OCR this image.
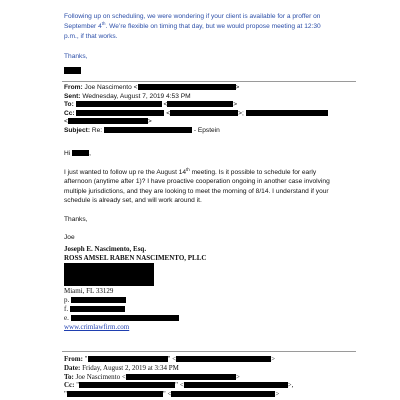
Following up on scheduling, we were wondering if your client is available for a proffer on
September 4th. We’re flexible on timing that day, but we would propose meeting at 12:30
p.m., if that works.
Thanks,
From: Joe Nascimento <	>
Sent: Wednesday, August 7, 2019 4:53 PM
To:	<	>
Cc:	<	>;
<	>
Subject: Re:	- Epstein
Hi	,
I just wanted to follow up re the August 14th meeting. Is it possible to schedule for early
afternoon (anytime after 1)? I have proactive cooperation ongoing in another case involving
multiple jurisdictions, and they are looking to meet the morning of 8/14. I understand if your
schedule is already set, and will work around it.
Thanks,
Joe
Joseph E. Nascimento, Esq.
ROSS AMSEL RABEN NASCIMENTO, PLLC
Miami, FL 33129
p.
f.
e.
www.crimlawfirm.com
From: "	" <	>
Date: Friday, August 2, 2019 at 3:34 PM
To: Joe Nascimento <	>
Cc: "	" <	>,
"	" <	>
